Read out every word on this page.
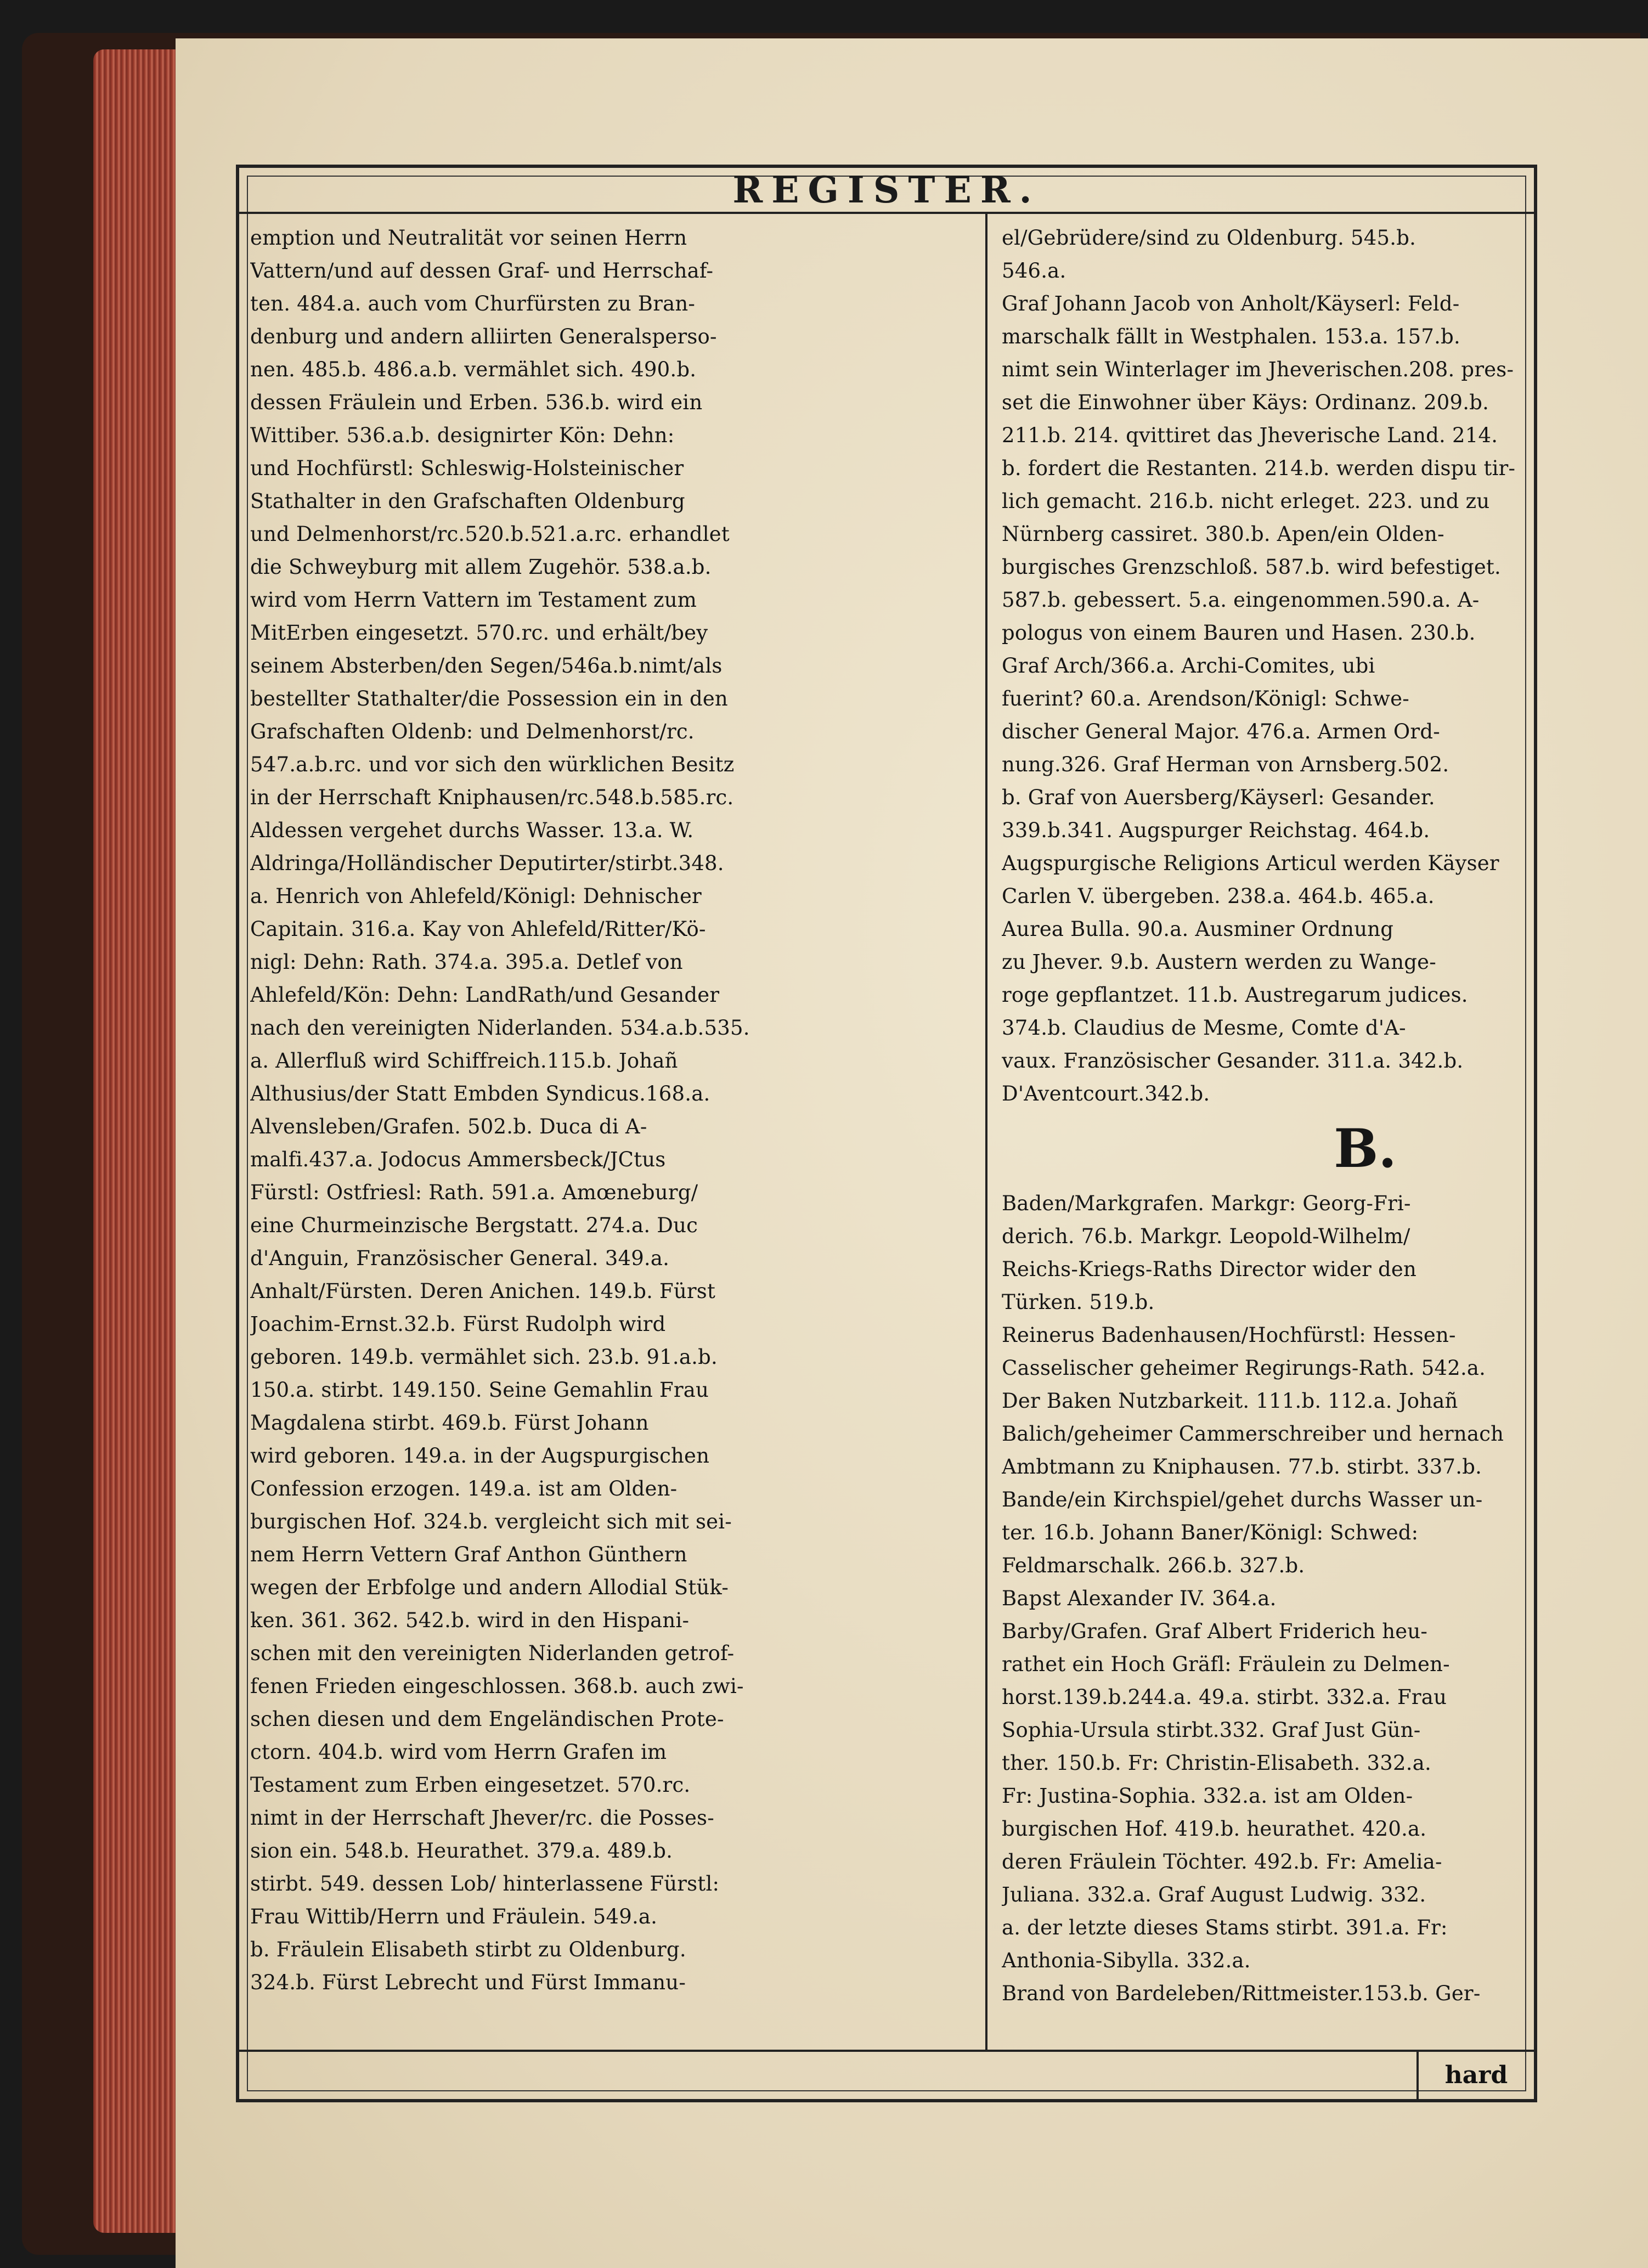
REGISTER.
emption und Neutralität vor seinen Herrn
Vattern/und auf dessen Graf- und Herrschaf-
ten. 484.a. auch vom Churfürsten zu Bran-
denburg und andern alliirten Generalsperso-
nen. 485.b. 486.a.b. vermählet sich. 490.b.
dessen Fräulein und Erben. 536.b. wird ein
Wittiber. 536.a.b. designirter Kön: Dehn:
und Hochfürstl: Schleswig-Holsteinischer
Stathalter in den Grafschaften Oldenburg
und Delmenhorst/rc.520.b.521.a.rc. erhandlet
die Schweyburg mit allem Zugehör. 538.a.b.
wird vom Herrn Vattern im Testament zum
MitErben eingesetzt. 570.rc. und erhält/bey
seinem Absterben/den Segen/546a.b.nimt/als
bestellter Stathalter/die Possession ein in den
Grafschaften Oldenb: und Delmenhorst/rc.
547.a.b.rc. und vor sich den würklichen Besitz
in der Herrschaft Kniphausen/rc.548.b.585.rc.
Aldessen vergehet durchs Wasser. 13.a. W.
Aldringa/Holländischer Deputirter/stirbt.348.
a. Henrich von Ahlefeld/Königl: Dehnischer
Capitain. 316.a. Kay von Ahlefeld/Ritter/Kö-
nigl: Dehn: Rath. 374.a. 395.a. Detlef von
Ahlefeld/Kön: Dehn: LandRath/und Gesander
nach den vereinigten Niderlanden. 534.a.b.535.
a. Allerfluß wird Schiffreich.115.b. Johañ
Althusius/der Statt Embden Syndicus.168.a.
Alvensleben/Grafen. 502.b. Duca di A-
malfi.437.a. Jodocus Ammersbeck/JCtus
Fürstl: Ostfriesl: Rath. 591.a. Amœneburg/
eine Churmeinzische Bergstatt. 274.a. Duc
d'Anguin, Französischer General. 349.a.
Anhalt/Fürsten. Deren Anichen. 149.b. Fürst
Joachim-Ernst.32.b. Fürst Rudolph wird
geboren. 149.b. vermählet sich. 23.b. 91.a.b.
150.a. stirbt. 149.150. Seine Gemahlin Frau
Magdalena stirbt. 469.b. Fürst Johann
wird geboren. 149.a. in der Augspurgischen
Confession erzogen. 149.a. ist am Olden-
burgischen Hof. 324.b. vergleicht sich mit sei-
nem Herrn Vettern Graf Anthon Günthern
wegen der Erbfolge und andern Allodial Stük-
ken. 361. 362. 542.b. wird in den Hispani-
schen mit den vereinigten Niderlanden getrof-
fenen Frieden eingeschlossen. 368.b. auch zwi-
schen diesen und dem Engeländischen Prote-
ctorn. 404.b. wird vom Herrn Grafen im
Testament zum Erben eingesetzet. 570.rc.
nimt in der Herrschaft Jhever/rc. die Posses-
sion ein. 548.b. Heurathet. 379.a. 489.b.
stirbt. 549. dessen Lob/ hinterlassene Fürstl:
Frau Wittib/Herrn und Fräulein. 549.a.
b. Fräulein Elisabeth stirbt zu Oldenburg.
324.b. Fürst Lebrecht und Fürst Immanu-
el/Gebrüdere/sind zu Oldenburg. 545.b.
546.a.
Graf Johann Jacob von Anholt/Käyserl: Feld-
marschalk fällt in Westphalen. 153.a. 157.b.
nimt sein Winterlager im Jheverischen.208. pres-
set die Einwohner über Käys: Ordinanz. 209.b.
211.b. 214. qvittiret das Jheverische Land. 214.
b. fordert die Restanten. 214.b. werden dispu tir-
lich gemacht. 216.b. nicht erleget. 223. und zu
Nürnberg cassiret. 380.b. Apen/ein Olden-
burgisches Grenzschloß. 587.b. wird befestiget.
587.b. gebessert. 5.a. eingenommen.590.a. A-
pologus von einem Bauren und Hasen. 230.b.
Graf Arch/366.a. Archi-Comites, ubi
fuerint? 60.a. Arendson/Königl: Schwe-
discher General Major. 476.a. Armen Ord-
nung.326. Graf Herman von Arnsberg.502.
b. Graf von Auersberg/Käyserl: Gesander.
339.b.341. Augspurger Reichstag. 464.b.
Augspurgische Religions Articul werden Käyser
Carlen V. übergeben. 238.a. 464.b. 465.a.
Aurea Bulla. 90.a. Ausminer Ordnung
zu Jhever. 9.b. Austern werden zu Wange-
roge gepflantzet. 11.b. Austregarum judices.
374.b. Claudius de Mesme, Comte d'A-
vaux. Französischer Gesander. 311.a. 342.b.
D'Aventcourt.342.b.
B.
Baden/Markgrafen. Markgr: Georg-Fri-
derich. 76.b. Markgr. Leopold-Wilhelm/
Reichs-Kriegs-Raths Director wider den
Türken. 519.b.
Reinerus Badenhausen/Hochfürstl: Hessen-
Casselischer geheimer Regirungs-Rath. 542.a.
Der Baken Nutzbarkeit. 111.b. 112.a. Johañ
Balich/geheimer Cammerschreiber und hernach
Ambtmann zu Kniphausen. 77.b. stirbt. 337.b.
Bande/ein Kirchspiel/gehet durchs Wasser un-
ter. 16.b. Johann Baner/Königl: Schwed:
Feldmarschalk. 266.b. 327.b.
Bapst Alexander IV. 364.a.
Barby/Grafen. Graf Albert Friderich heu-
rathet ein Hoch Gräfl: Fräulein zu Delmen-
horst.139.b.244.a. 49.a. stirbt. 332.a. Frau
Sophia-Ursula stirbt.332. Graf Just Gün-
ther. 150.b. Fr: Christin-Elisabeth. 332.a.
Fr: Justina-Sophia. 332.a. ist am Olden-
burgischen Hof. 419.b. heurathet. 420.a.
deren Fräulein Töchter. 492.b. Fr: Amelia-
Juliana. 332.a. Graf August Ludwig. 332.
a. der letzte dieses Stams stirbt. 391.a. Fr:
Anthonia-Sibylla. 332.a.
Brand von Bardeleben/Rittmeister.153.b. Ger-
hard
